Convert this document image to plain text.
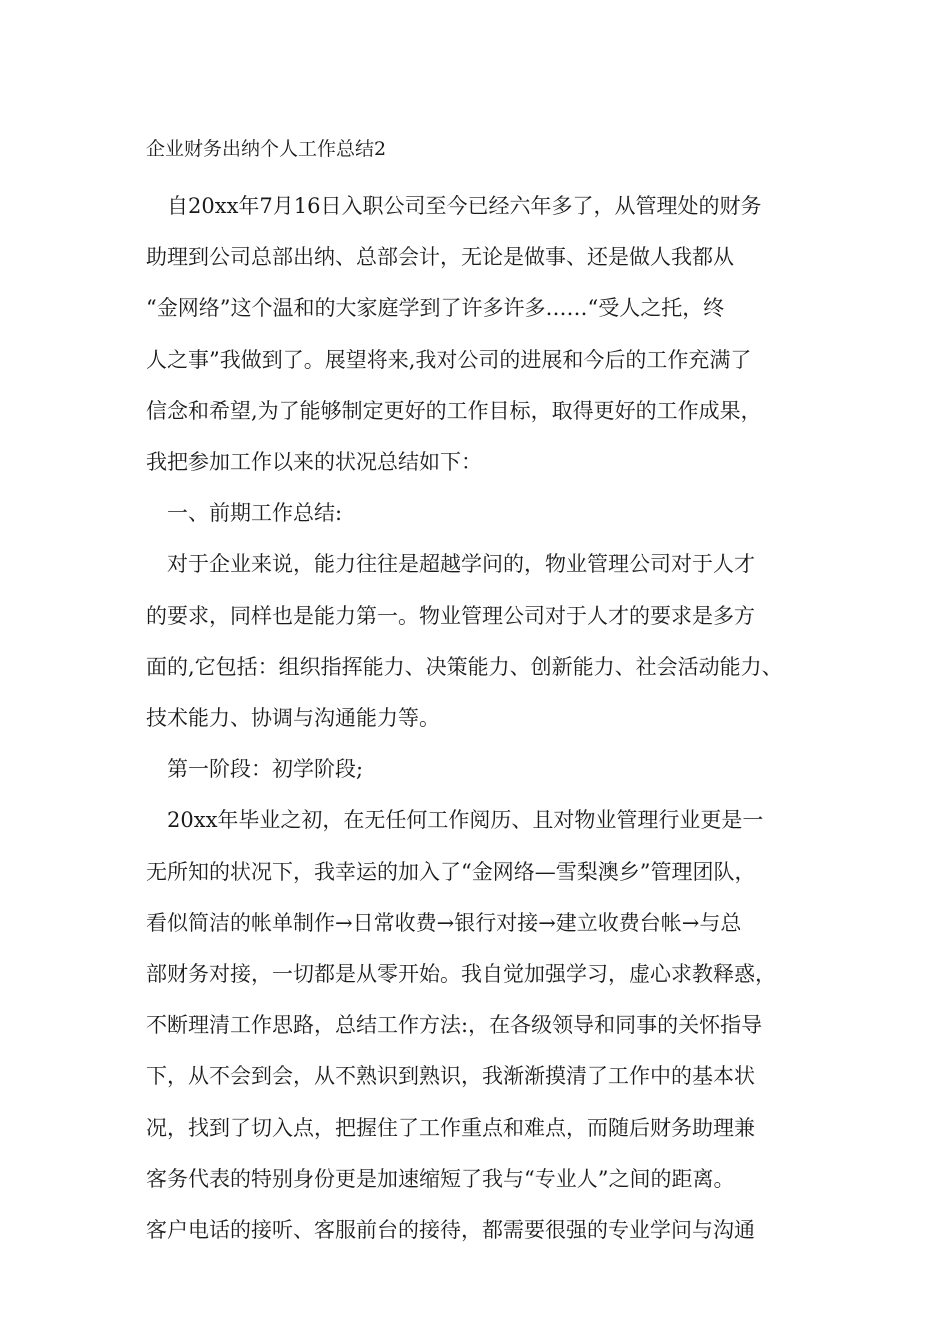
企业财务出纳个人工作总结2
自20xx年7月16日入职公司至今已经六年多了，从管理处的财务
助理到公司总部出纳、总部会计，无论是做事、还是做人我都从
“金网络”这个温和的大家庭学到了许多许多……“受人之托，终
人之事”我做到了。展望将来,我对公司的进展和今后的工作充满了
信念和希望,为了能够制定更好的工作目标，取得更好的工作成果，
我把参加工作以来的状况总结如下：
一、前期工作总结:
对于企业来说，能力往往是超越学问的，物业管理公司对于人才
的要求，同样也是能力第一。物业管理公司对于人才的要求是多方
面的,它包括：组织指挥能力、决策能力、创新能力、社会活动能力、
技术能力、协调与沟通能力等。
第一阶段：初学阶段;
20xx年毕业之初，在无任何工作阅历、且对物业管理行业更是一
无所知的状况下，我幸运的加入了“金网络—雪梨澳乡”管理团队，
看似简洁的帐单制作→日常收费→银行对接→建立收费台帐→与总
部财务对接，一切都是从零开始。我自觉加强学习，虚心求教释惑，
不断理清工作思路，总结工作方法:，在各级领导和同事的关怀指导
下，从不会到会，从不熟识到熟识，我渐渐摸清了工作中的基本状
况，找到了切入点，把握住了工作重点和难点，而随后财务助理兼
客务代表的特别身份更是加速缩短了我与“专业人”之间的距离。
客户电话的接听、客服前台的接待，都需要很强的专业学问与沟通
